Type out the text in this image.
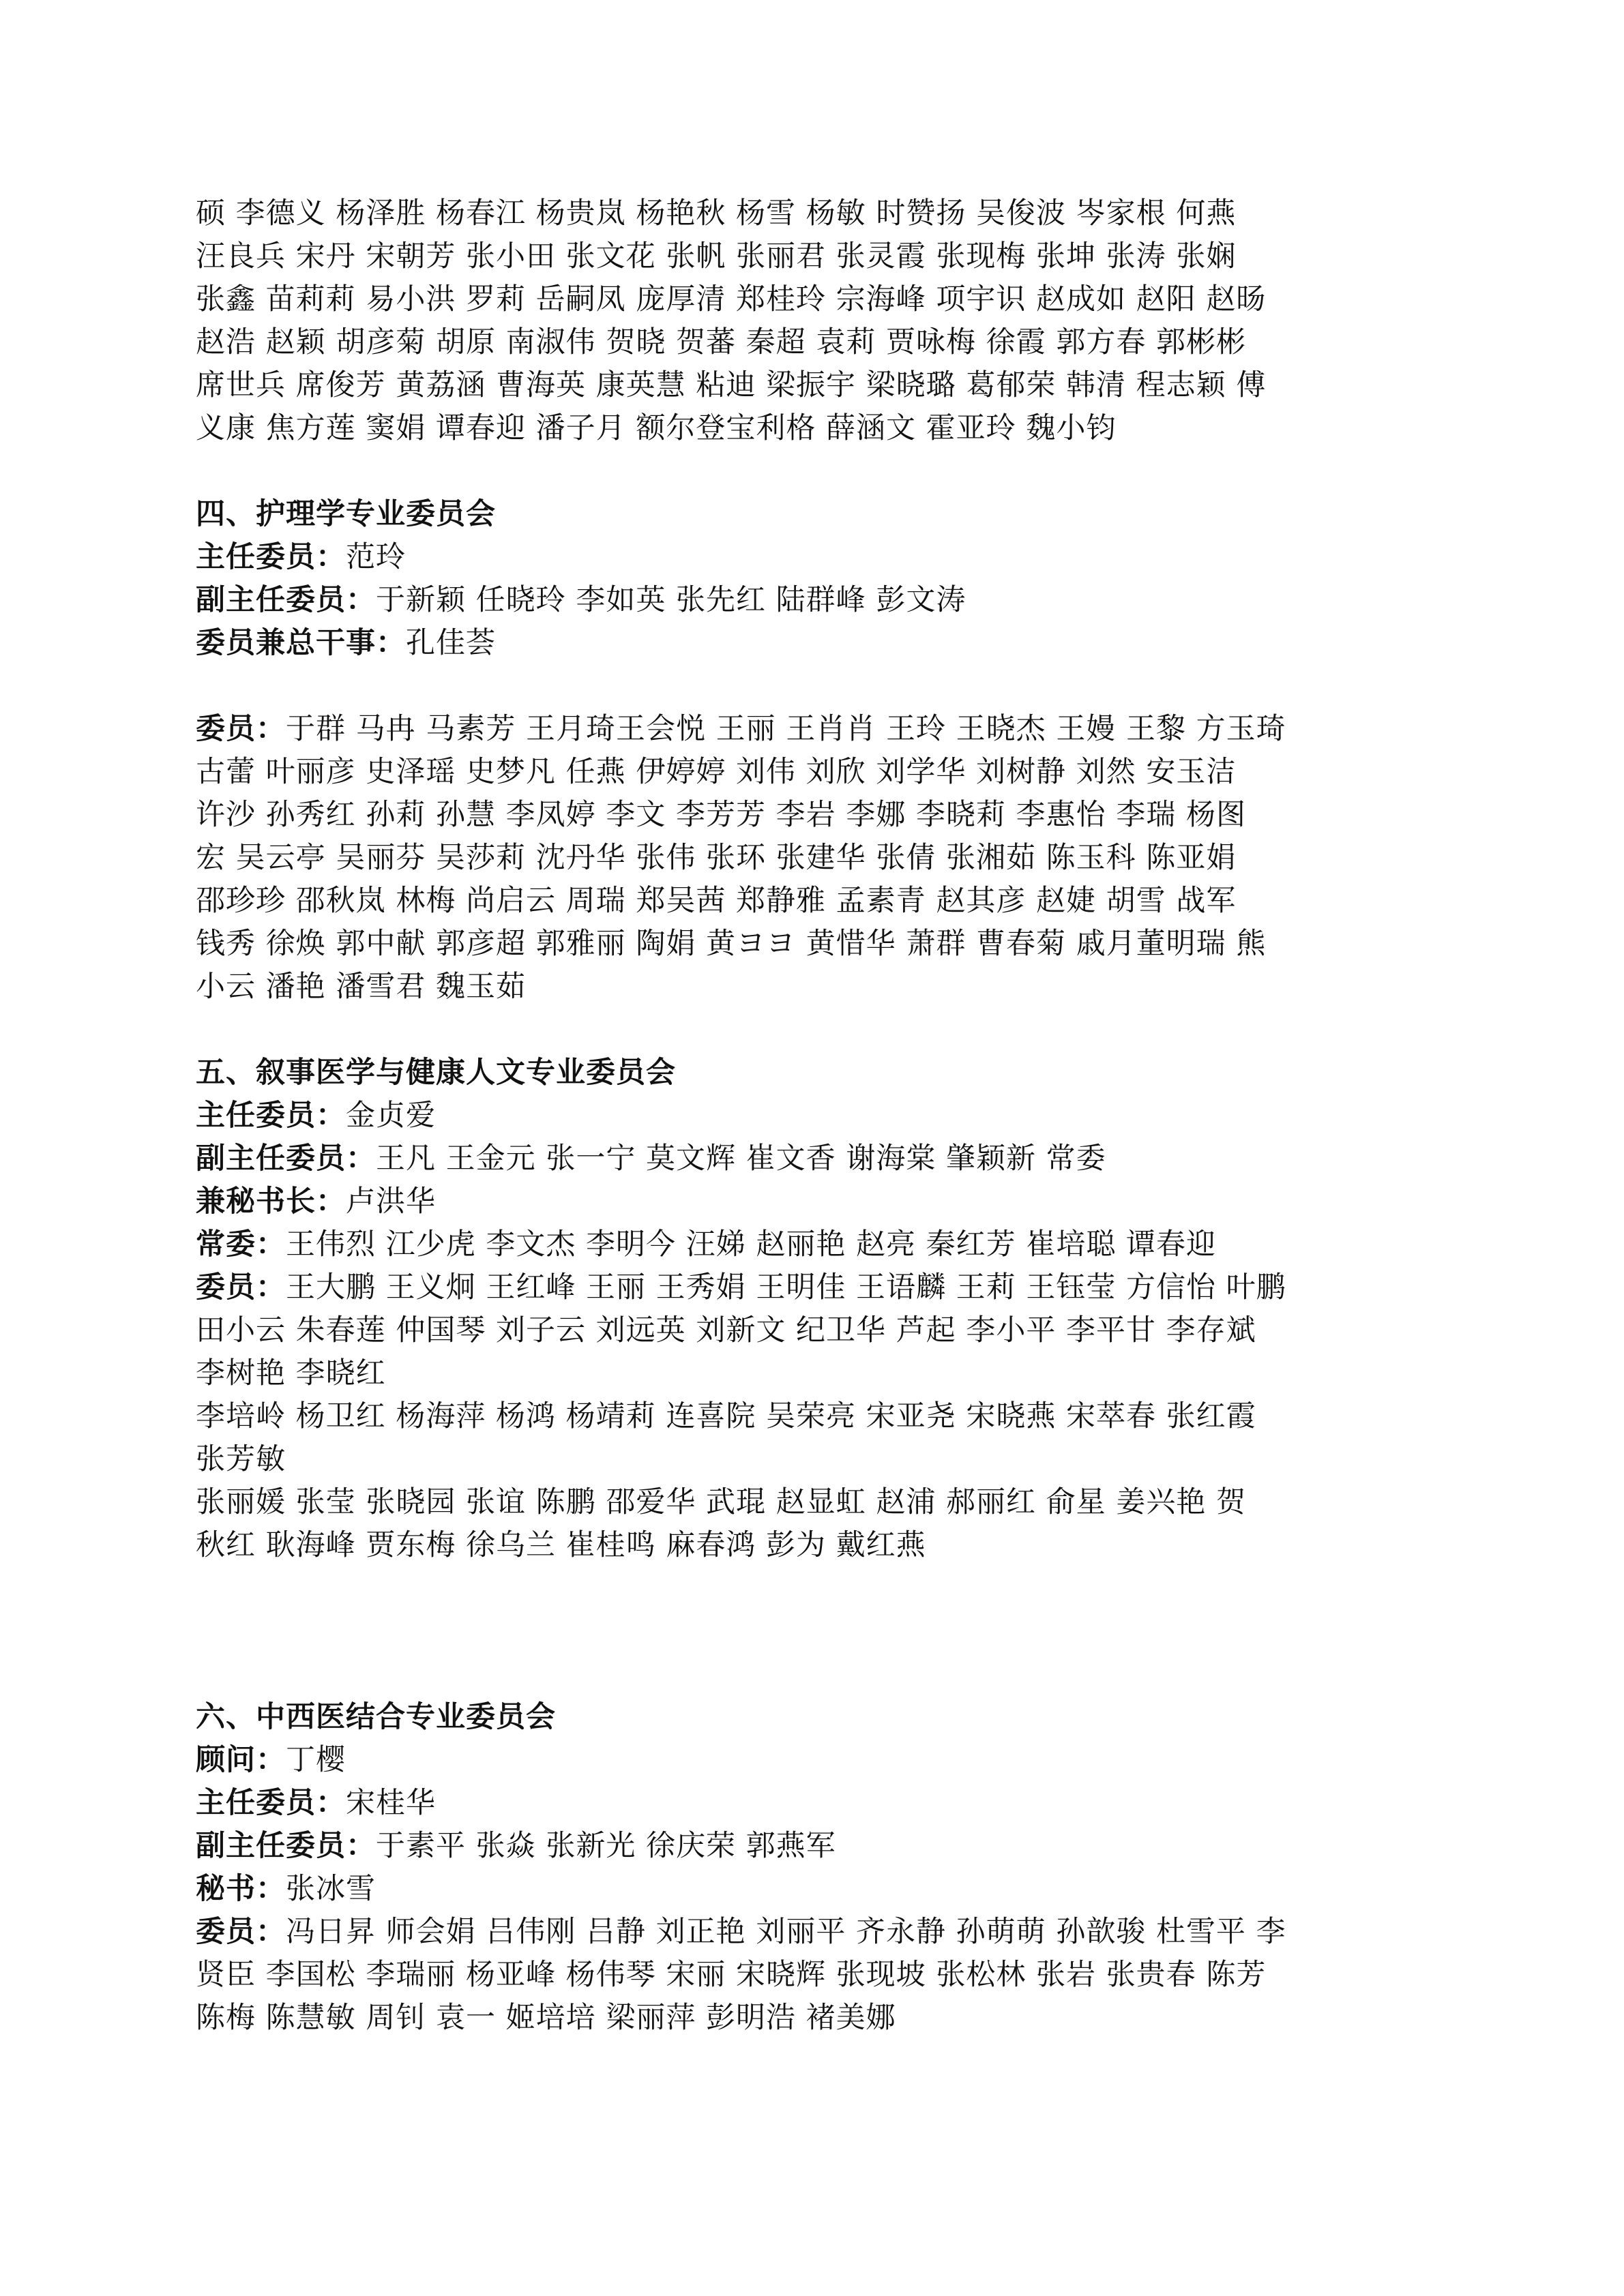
硕 李德义 杨泽胜 杨春江 杨贵岚 杨艳秋 杨雪 杨敏 时赞扬 吴俊波 岑家根 何燕

汪良兵 宋丹 宋朝芳 张小田 张文花 张帆 张丽君 张灵霞 张现梅 张坤 张涛 张娴

张鑫 苗莉莉 易小洪 罗莉 岳嗣凤 庞厚清 郑桂玲 宗海峰 项宇识 赵成如 赵阳 赵旸

赵浩 赵颖 胡彦菊 胡原 南淑伟 贺晓 贺蕃 秦超 袁莉 贾咏梅 徐霞 郭方春 郭彬彬

席世兵 席俊芳 黄荔涵 曹海英 康英慧 粘迪 梁振宇 梁晓璐 葛郁荣 韩清 程志颖 傅

义康 焦方莲 窦娟 谭春迎 潘子月 额尔登宝利格 薛涵文 霍亚玲 魏小钧

四、护理学专业委员会

主任委员：范玲

副主任委员：于新颖 任晓玲 李如英 张先红 陆群峰 彭文涛

委员兼总干事：孔佳荟

委员：于群 马冉 马素芳 王月琦王会悦 王丽 王肖肖 王玲 王晓杰 王嫚 王黎 方玉琦

古蕾 叶丽彦 史泽瑶 史梦凡 任燕 伊婷婷 刘伟 刘欣 刘学华 刘树静 刘然 安玉洁

许沙 孙秀红 孙莉 孙慧 李凤婷 李文 李芳芳 李岩 李娜 李晓莉 李惠怡 李瑞 杨图

宏 吴云亭 吴丽芬 吴莎莉 沈丹华 张伟 张环 张建华 张倩 张湘茹 陈玉科 陈亚娟

邵珍珍 邵秋岚 林梅 尚启云 周瑞 郑吴茜 郑静雅 孟素青 赵其彦 赵婕 胡雪 战军

钱秀 徐焕 郭中献 郭彦超 郭雅丽 陶娟 黄ヨヨ 黄惜华 萧群 曹春菊 戚月董明瑞 熊

小云 潘艳 潘雪君 魏玉茹

五、叙事医学与健康人文专业委员会

主任委员：金贞爱

副主任委员：王凡 王金元 张一宁 莫文辉 崔文香 谢海棠 肇颖新 常委

兼秘书长：卢洪华

常委：王伟烈 江少虎 李文杰 李明今 汪娣 赵丽艳 赵亮 秦红芳 崔培聪 谭春迎

委员：王大鹏 王义炯 王红峰 王丽 王秀娟 王明佳 王语麟 王莉 王钰莹 方信怡 叶鹏

田小云 朱春莲 仲国琴 刘子云 刘远英 刘新文 纪卫华 芦起 李小平 李平甘 李存斌

李树艳 李晓红

李培岭 杨卫红 杨海萍 杨鸿 杨靖莉 连喜院 吴荣亮 宋亚尧 宋晓燕 宋萃春 张红霞

张芳敏

张丽媛 张莹 张晓园 张谊 陈鹏 邵爱华 武琨 赵显虹 赵浦 郝丽红 俞星 姜兴艳 贺

秋红 耿海峰 贾东梅 徐乌兰 崔桂鸣 麻春鸿 彭为 戴红燕

六、中西医结合专业委员会

顾问：丁樱

主任委员：宋桂华

副主任委员：于素平 张焱 张新光 徐庆荣 郭燕军

秘书：张冰雪

委员：冯日昇 师会娟 吕伟刚 吕静 刘正艳 刘丽平 齐永静 孙萌萌 孙歆骏 杜雪平 李

贤臣 李国松 李瑞丽 杨亚峰 杨伟琴 宋丽 宋晓辉 张现坡 张松林 张岩 张贵春 陈芳

陈梅 陈慧敏 周钊 袁一 姬培培 梁丽萍 彭明浩 褚美娜
